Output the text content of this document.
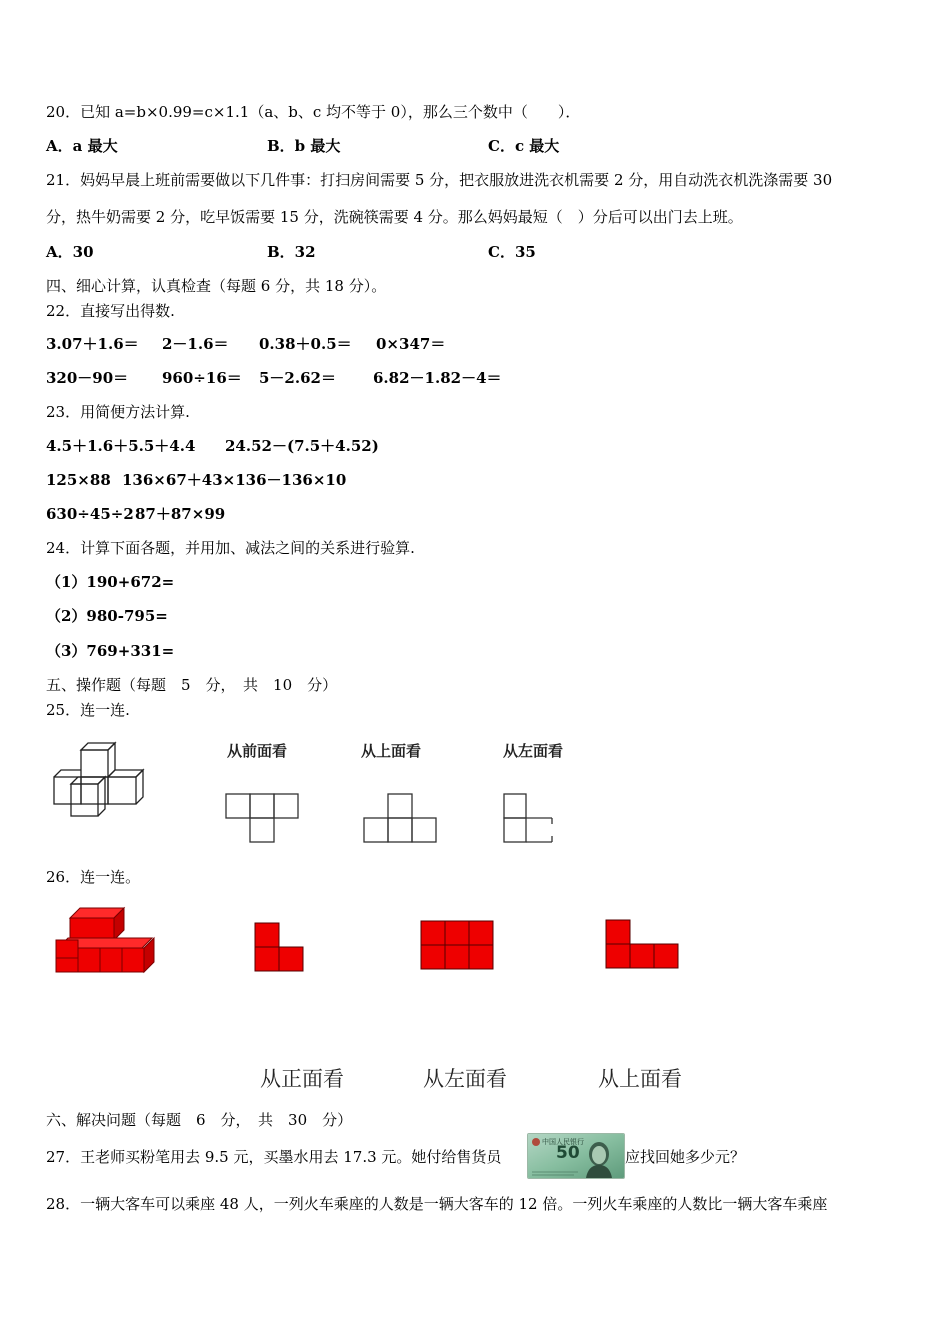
20．已知 a=b×0.99=c×1.1（a、b、c 均不等于 0），那么三个数中（　　）．
A．a 最大	B．b 最大	C．c 最大
21．妈妈早晨上班前需要做以下几件事：打扫房间需要 5 分，把衣服放进洗衣机需要 2 分，用自动洗衣机洗涤需要 30
分，热牛奶需要 2 分，吃早饭需要 15 分，洗碗筷需要 4 分。那么妈妈最短（　）分后可以出门去上班。
A．30	B．32	C．35
四、细心计算，认真检查（每题 6 分，共 18 分）。
22．直接写出得数.
3.07＋1.6＝ 2－1.6＝ 0.38＋0.5＝ 0×347＝
320－90＝ 960÷16＝ 5－2.62＝ 6.82－1.82－4＝
23．用简便方法计算.
4.5＋1.6＋5.5＋4.4 24.52－(7.5＋4.52)
125×88 136×67＋43×136－136×10
630÷45÷2 87＋87×99
24．计算下面各题，并用加、减法之间的关系进行验算.
（1）190+672=
（2）980-795=
（3）769+331=
五、操作题（每题　5　分，　共　10　分）
25．连一连.
从前面看	从上面看	从左面看
26．连一连。
从正面看	从左面看	从上面看
六、解决问题（每题　6　分，　共　30　分）
27．王老师买粉笔用去 9.5 元，买墨水用去 17.3 元。她付给售货员
中国人民银行
50	应找回她多少元？
28．一辆大客车可以乘座 48 人，一列火车乘座的人数是一辆大客车的 12 倍。一列火车乘座的人数比一辆大客车乘座
